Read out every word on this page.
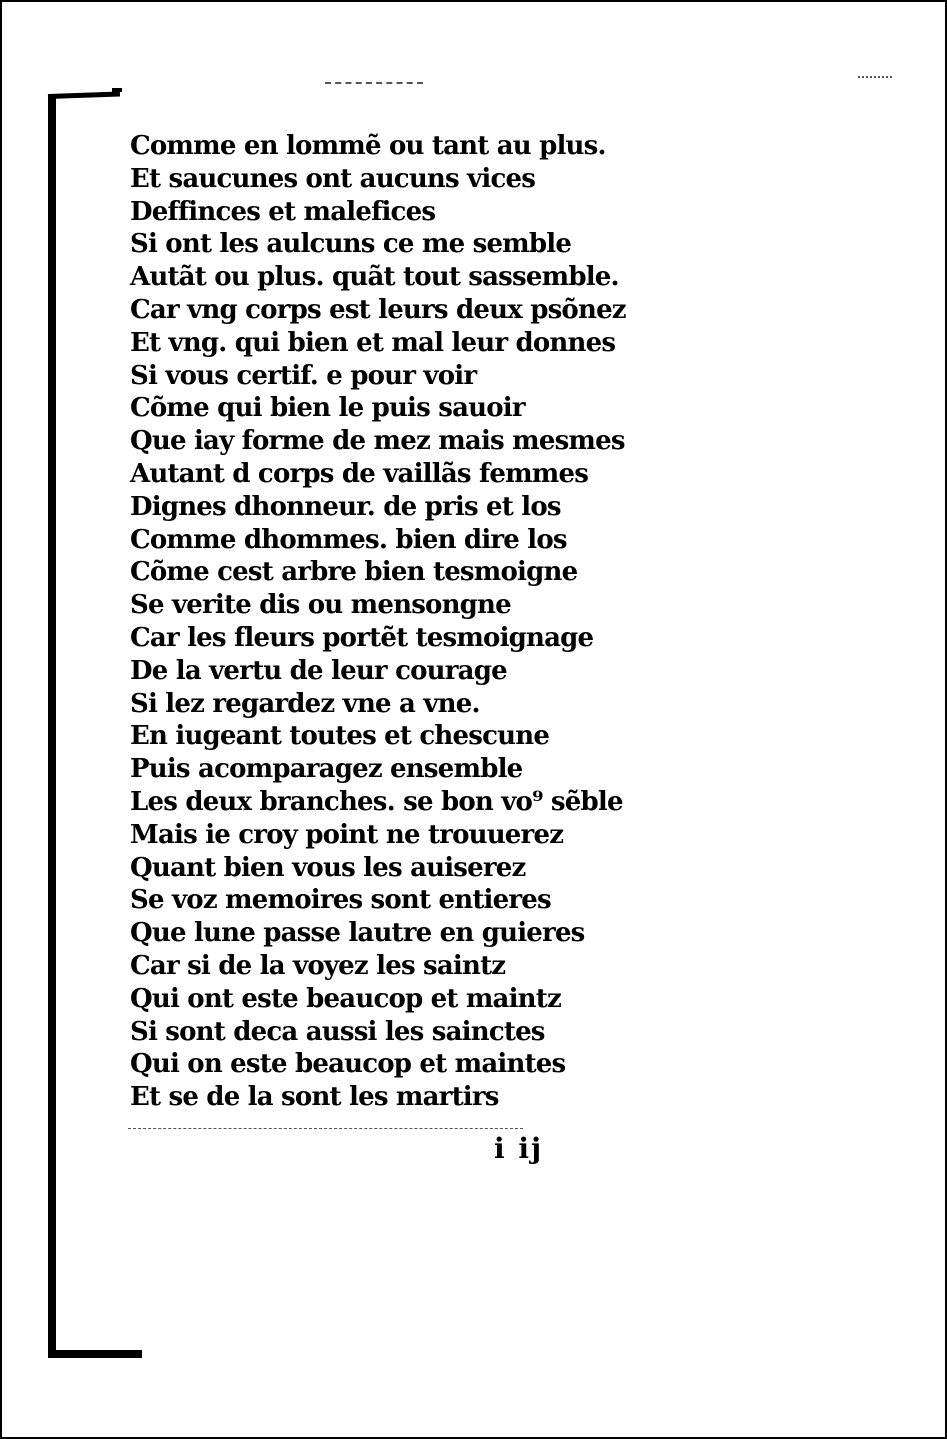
Comme en lommẽ ou tant au plus.
Et saucunes ont aucuns vices
Deffinces et malefices
Si ont les aulcuns ce me semble
Autãt ou plus. quãt tout sassemble.
Car vng corps est leurs deux psõnez
Et vng. qui bien et mal leur donnes
Si vous certif. e pour voir
Cõme qui bien le puis sauoir
Que iay forme de mez mais mesmes
Autant d corps de vaillãs femmes
Dignes dhonneur. de pris et los
Comme dhommes. bien dire los
Cõme cest arbre bien tesmoigne
Se verite dis ou mensongne
Car les fleurs portẽt tesmoignage
De la vertu de leur courage
Si lez regardez vne a vne.
En iugeant toutes et chescune
Puis acomparagez ensemble
Les deux branches. se bon vo⁹ sẽble
Mais ie croy point ne trouuerez
Quant bien vous les auiserez
Se voz memoires sont entieres
Que lune passe lautre en guieres
Car si de la voyez les saintz
Qui ont este beaucop et maintz
Si sont deca aussi les sainctes
Qui on este beaucop et maintes
Et se de la sont les martirs
i ij
